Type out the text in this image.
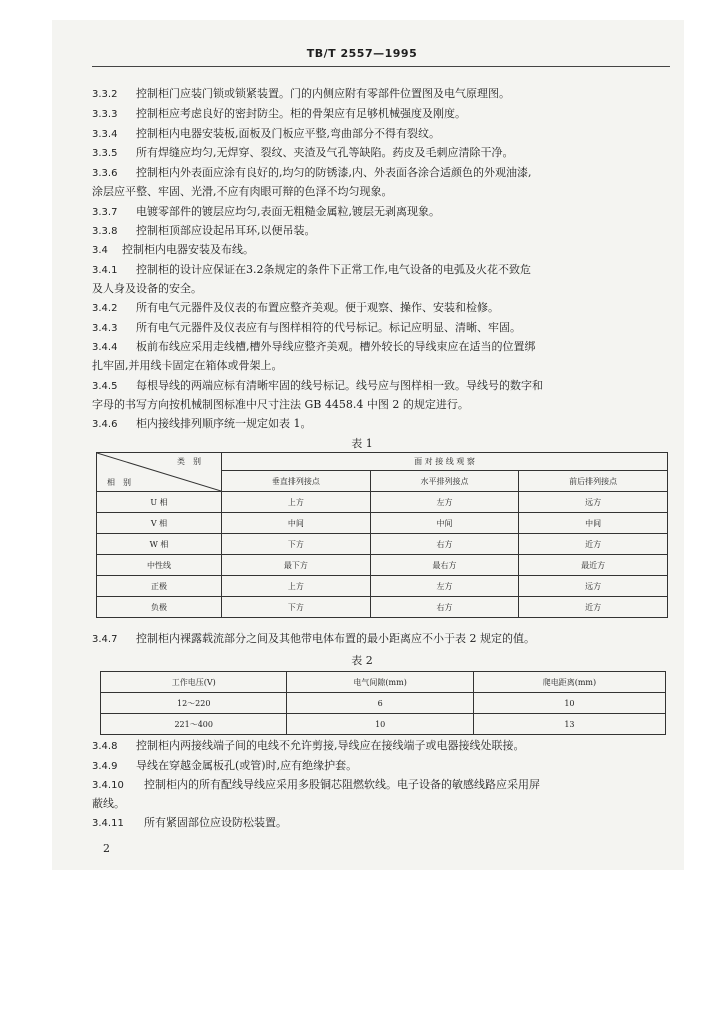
TB/T 2557—1995
3.3.2 控制柜门应装门锁或锁紧装置。门的内侧应附有零部件位置图及电气原理图。
3.3.3 控制柜应考虑良好的密封防尘。柜的骨架应有足够机械强度及刚度。
3.3.4 控制柜内电器安装板,面板及门板应平整,弯曲部分不得有裂纹。
3.3.5 所有焊缝应均匀,无焊穿、裂纹、夹渣及气孔等缺陷。药皮及毛刺应清除干净。
3.3.6 控制柜内外表面应涂有良好的,均匀的防锈漆,内、外表面各涂合适颜色的外观油漆,
涂层应平整、牢固、光滑,不应有肉眼可辩的色泽不均匀现象。
3.3.7 电镀零部件的镀层应均匀,表面无粗糙金属粒,镀层无剥离现象。
3.3.8 控制柜顶部应设起吊耳环,以便吊装。
3.4 控制柜内电器安装及布线。
3.4.1 控制柜的设计应保证在3.2条规定的条件下正常工作,电气设备的电弧及火花不致危
及人身及设备的安全。
3.4.2 所有电气元器件及仪表的布置应整齐美观。便于观察、操作、安装和检修。
3.4.3 所有电气元器件及仪表应有与图样相符的代号标记。标记应明显、清晰、牢固。
3.4.4 板前布线应采用走线槽,槽外导线应整齐美观。槽外较长的导线束应在适当的位置绑
扎牢固,并用线卡固定在箱体或骨架上。
3.4.5 每根导线的两端应标有清晰牢固的线号标记。线号应与图样相一致。导线号的数字和
字母的书写方向按机械制图标准中尺寸注法 GB 4458.4 中图 2 的规定进行。
3.4.6 柜内接线排列顺序统一规定如表 1。
表 1
类　别
相　别	面 对 接 线 观 察		
	垂直排列接点	水平排列接点	前后排列接点
U 相	上方	左方	远方
V 相	中间	中间	中间
W 相	下方	右方	近方
中性线	最下方	最右方	最近方
正极	上方	左方	远方
负极	下方	右方	近方
3.4.7 控制柜内裸露载流部分之间及其他带电体布置的最小距离应不小于表 2 规定的值。
表 2
工作电压(V)	电气间隙(mm)	爬电距离(mm)
12～220	6	10
221～400	10	13
3.4.8 控制柜内两接线端子间的电线不允许剪接,导线应在接线端子或电器接线处联接。
3.4.9 导线在穿越金属板孔(或管)时,应有绝缘护套。
3.4.10 控制柜内的所有配线导线应采用多股铜芯阻燃软线。电子设备的敏感线路应采用屏
蔽线。
3.4.11 所有紧固部位应设防松装置。
2
